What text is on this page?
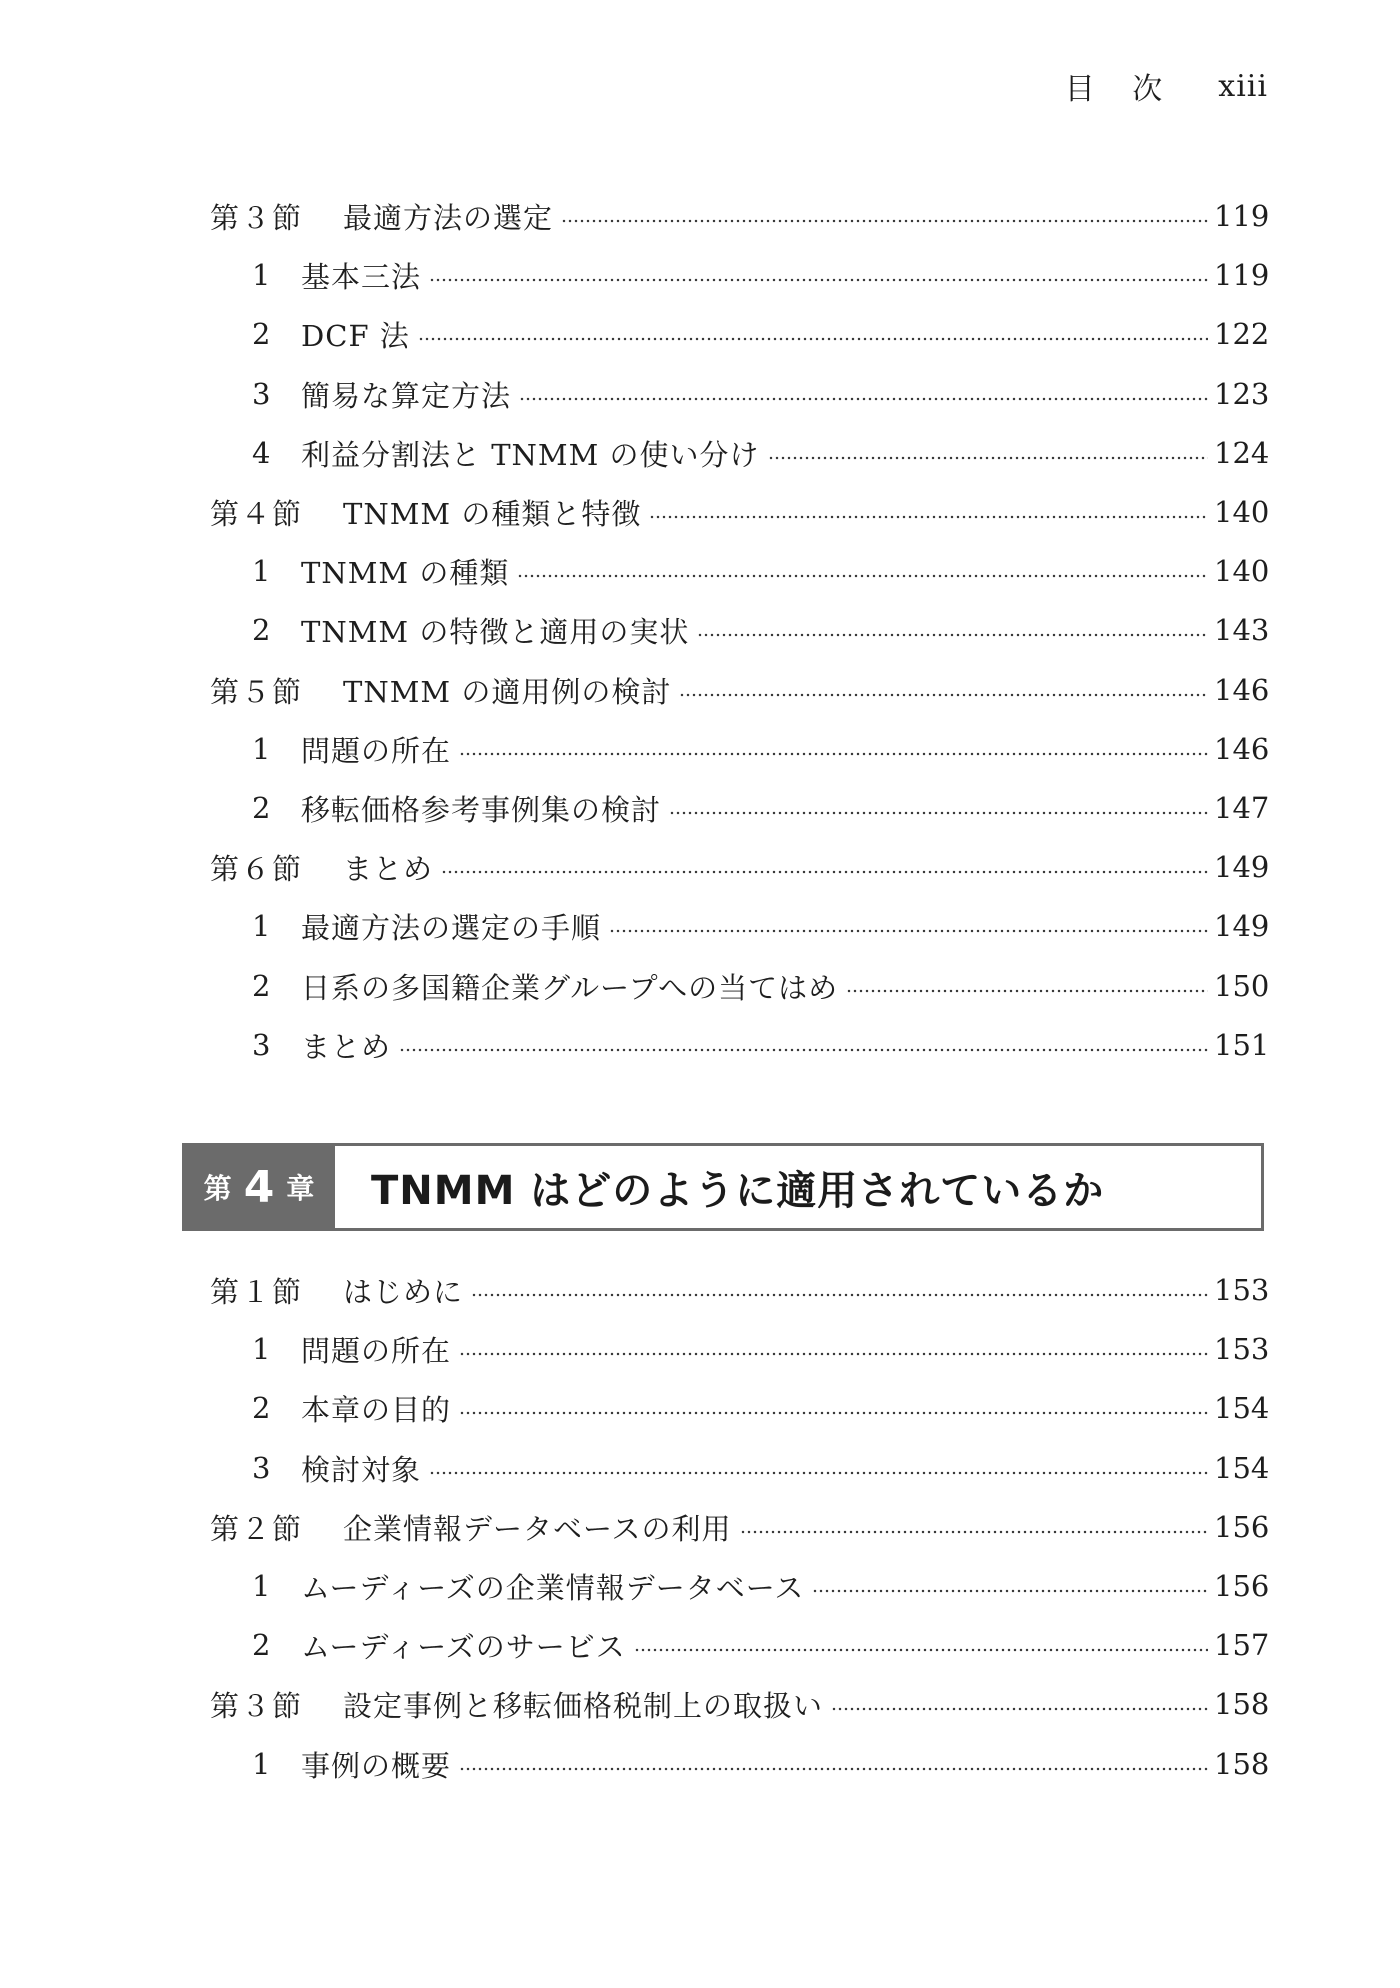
目 次 xiii
第３節	最適方法の選定	119
1	基本三法	119
2	DCF 法	122
3	簡易な算定方法	123
4	利益分割法と TNMM の使い分け	124
第４節	TNMM の種類と特徴	140
1	TNMM の種類	140
2	TNMM の特徴と適用の実状	143
第５節	TNMM の適用例の検討	146
1	問題の所在	146
2	移転価格参考事例集の検討	147
第６節	まとめ	149
1	最適方法の選定の手順	149
2	日系の多国籍企業グループへの当てはめ	150
3	まとめ	151
第 4 章	TNMM はどのように適用されているか
第１節	はじめに	153
1	問題の所在	153
2	本章の目的	154
3	検討対象	154
第２節	企業情報データベースの利用	156
1	ムーディーズの企業情報データベース	156
2	ムーディーズのサービス	157
第３節	設定事例と移転価格税制上の取扱い	158
1	事例の概要	158
